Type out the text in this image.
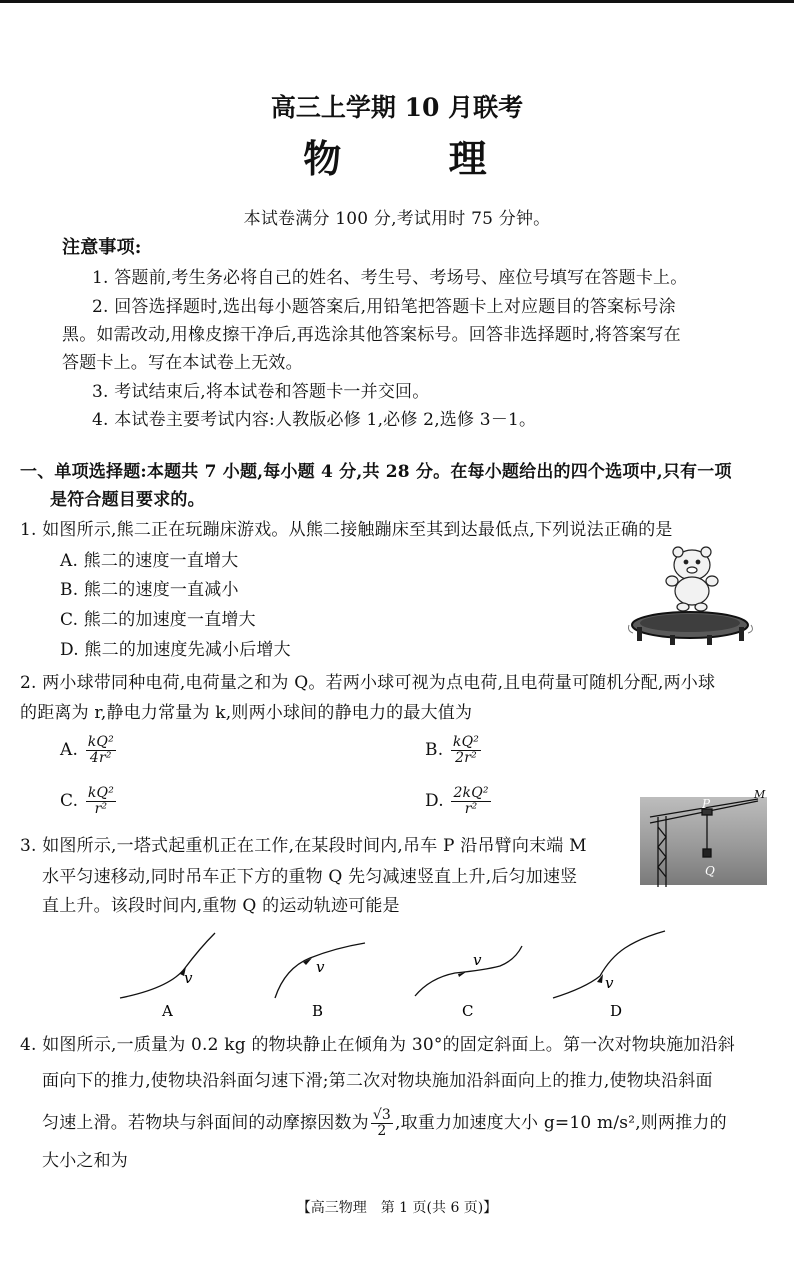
高三上学期 10 月联考
物      理
本试卷满分 100 分,考试用时 75 分钟。
注意事项:
1. 答题前,考生务必将自己的姓名、考生号、考场号、座位号填写在答题卡上。
2. 回答选择题时,选出每小题答案后,用铅笔把答题卡上对应题目的答案标号涂
黑。如需改动,用橡皮擦干净后,再选涂其他答案标号。回答非选择题时,将答案写在
答题卡上。写在本试卷上无效。
3. 考试结束后,将本试卷和答题卡一并交回。
4. 本试卷主要考试内容:人教版必修 1,必修 2,选修 3－1。
一、单项选择题:本题共 7 小题,每小题 4 分,共 28 分。在每小题给出的四个选项中,只有一项
是符合题目要求的。
1. 如图所示,熊二正在玩蹦床游戏。从熊二接触蹦床至其到达最低点,下列说法正确的是
A. 熊二的速度一直增大
B. 熊二的速度一直减小
C. 熊二的加速度一直增大
D. 熊二的加速度先减小后增大
2. 两小球带同种电荷,电荷量之和为 Q。若两小球可视为点电荷,且电荷量可随机分配,两小球
的距离为 r,静电力常量为 k,则两小球间的静电力的最大值为
A. $\frac{\text{kQ²}}{\text{4r²}}$	B. $\frac{\text{kQ²}}{\text{2r²}}$
C. $\frac{\text{kQ²}}{\text{r²}}$	D. $\frac{\text{2kQ²}}{\text{r²}}$	P
M
Q
3. 如图所示,一塔式起重机正在工作,在某段时间内,吊车 P 沿吊臂向末端 M
水平匀速移动,同时吊车正下方的重物 Q 先匀减速竖直上升,后匀加速竖
直上升。该段时间内,重物 Q 的运动轨迹可能是
v
v	v
v
A	B	C	D
4. 如图所示,一质量为 0.2 kg 的物块静止在倾角为 30°的固定斜面上。第一次对物块施加沿斜
面向下的推力,使物块沿斜面匀速下滑;第二次对物块施加沿斜面向上的推力,使物块沿斜面
匀速上滑。若物块与斜面间的动摩擦因数为 $\frac{√3}{2}$ ,取重力加速度大小 g=10 m/s²,则两推力的
大小之和为
【高三物理　第 1 页(共 6 页)】
